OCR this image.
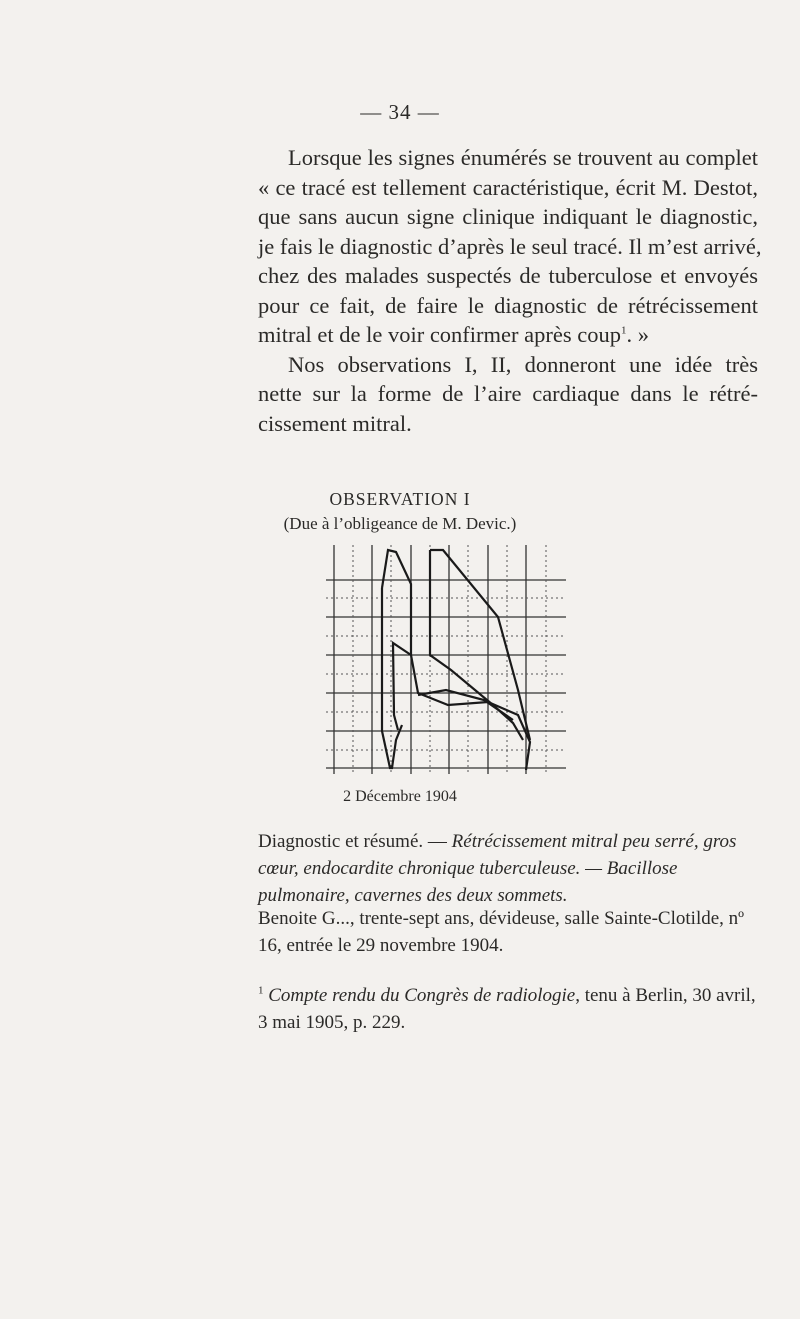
— 34 —
Lorsque les signes énumérés se trouvent au complet
« ce tracé est tellement caractéristique, écrit M. Destot,
que sans aucun signe clinique indiquant le diagnostic,
je fais le diagnostic d’après le seul tracé. Il m’est arrivé,
chez des malades suspectés de tuberculose et envoyés
pour ce fait, de faire le diagnostic de rétrécissement
mitral et de le voir confirmer après coup$^1$. »
Nos observations I, II, donneront une idée très
nette sur la forme de l’aire cardiaque dans le rétré-
cissement mitral.
OBSERVATION I
(Due à l’obligeance de M. Devic.)
2 Décembre 1904
Diagnostic et résumé. — Rétrécissement mitral peu serré, gros cœur, endocardite chronique tuberculeuse. — Bacillose pulmonaire, cavernes des deux sommets.
Benoite G..., trente-sept ans, dévideuse, salle Sainte-Clotilde, nº 16, entrée le 29 novembre 1904.
$^1$ Compte rendu du Congrès de radiologie, tenu à Berlin, 30 avril, 3 mai 1905, p. 229.
